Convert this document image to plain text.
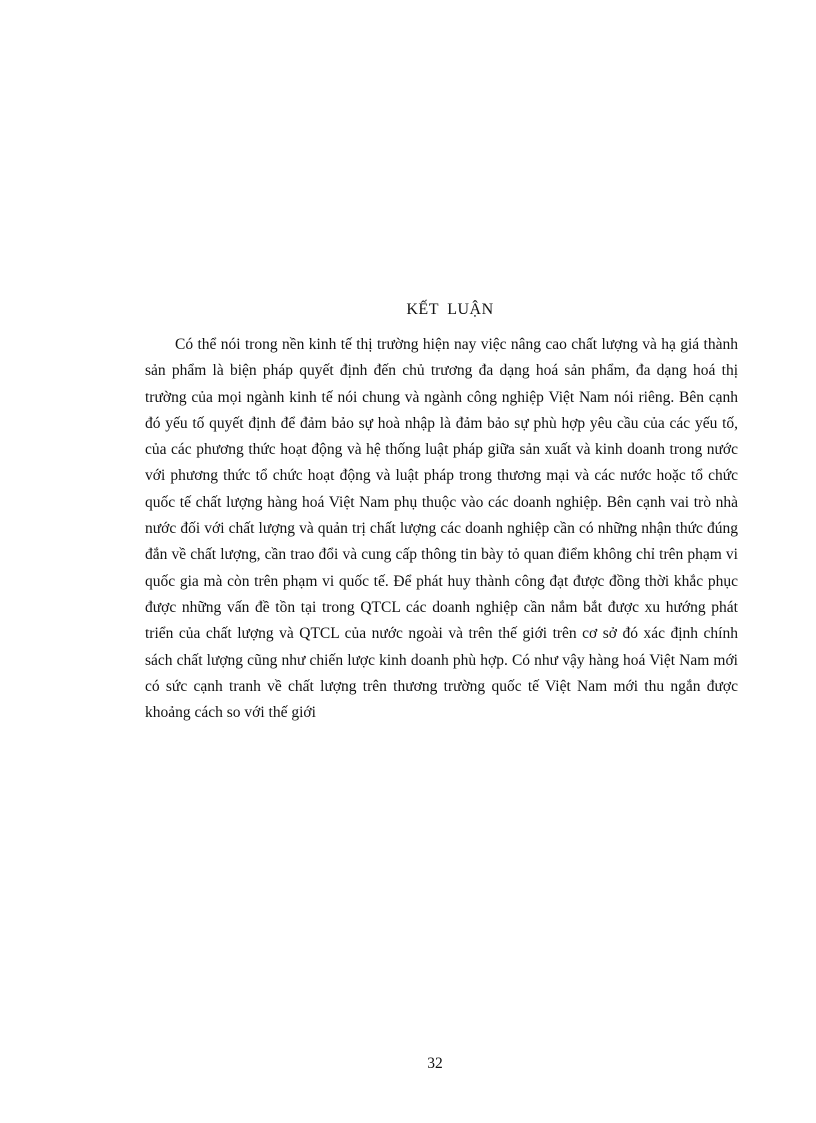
KẾT LUẬN

Có thể nói trong nền kinh tế thị trường hiện nay việc nâng cao chất lượng và hạ giá thành sản phẩm là biện pháp quyết định đến chủ trương đa dạng hoá sản phẩm, đa dạng hoá thị trường của mọi ngành kinh tế nói chung và ngành công nghiệp Việt Nam nói riêng. Bên cạnh đó yếu tố quyết định để đảm bảo sự hoà nhập là đảm bảo sự phù hợp yêu cầu của các yếu tố, của các phương thức hoạt động và hệ thống luật pháp giữa sản xuất và kinh doanh trong nước với phương thức tổ chức hoạt động và luật pháp trong thương mại và các nước hoặc tổ chức quốc tế chất lượng hàng hoá Việt Nam phụ thuộc vào các doanh nghiệp. Bên cạnh vai trò nhà nước đối với chất lượng và quản trị chất lượng các doanh nghiệp cần có những nhận thức đúng đắn về chất lượng, cần trao đổi và cung cấp thông tin bày tỏ quan điểm không chỉ trên phạm vi quốc gia mà còn trên phạm vi quốc tế. Để phát huy thành công đạt được đồng thời khắc phục được những vấn đề tồn tại trong QTCL các doanh nghiệp cần nắm bắt được xu hướng phát triển của chất lượng và QTCL của nước ngoài và trên thế giới trên cơ sở đó xác định chính sách chất lượng cũng như chiến lược kinh doanh phù hợp. Có như vậy hàng hoá Việt Nam mới có sức cạnh tranh về chất lượng trên thương trường quốc tế Việt Nam mới thu ngắn được khoảng cách so với thế giới

32
